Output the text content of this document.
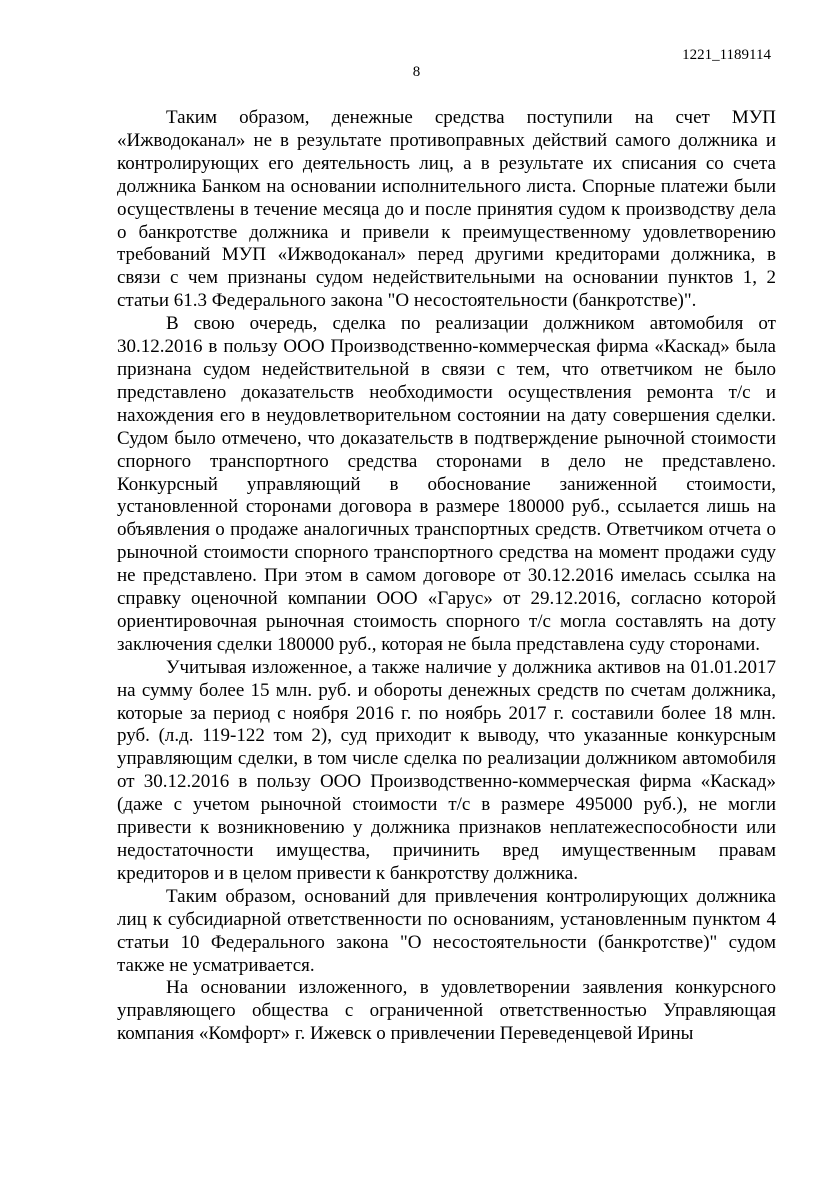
1221_1189114
8

Таким образом, денежные средства поступили на счет МУП «Ижводоканал» не в результате противоправных действий самого должника и контролирующих его деятельность лиц, а в результате их списания со счета должника Банком на основании исполнительного листа. Спорные платежи были осуществлены в течение месяца до и после принятия судом к производству дела о банкротстве должника и привели к преимущественному удовлетворению требований МУП «Ижводоканал» перед другими кредиторами должника, в связи с чем признаны судом недействительными на основании пунктов 1, 2 статьи 61.3 Федерального закона "О несостоятельности (банкротстве)".

В свою очередь, сделка по реализации должником автомобиля от 30.12.2016 в пользу ООО Производственно-коммерческая фирма «Каскад» была признана судом недействительной в связи с тем, что ответчиком не было представлено доказательств необходимости осуществления ремонта т/с и нахождения его в неудовлетворительном состоянии на дату совершения сделки. Судом было отмечено, что доказательств в подтверждение рыночной стоимости спорного транспортного средства сторонами в дело не представлено. Конкурсный управляющий в обоснование заниженной стоимости, установленной сторонами договора в размере 180000 руб., ссылается лишь на объявления о продаже аналогичных транспортных средств. Ответчиком отчета о рыночной стоимости спорного транспортного средства на момент продажи суду не представлено. При этом в самом договоре от 30.12.2016 имелась ссылка на справку оценочной компании ООО «Гарус» от 29.12.2016, согласно которой ориентировочная рыночная стоимость спорного т/с могла составлять на доту заключения сделки 180000 руб., которая не была представлена суду сторонами.

Учитывая изложенное, а также наличие у должника активов на 01.01.2017 на сумму более 15 млн. руб. и обороты денежных средств по счетам должника, которые за период с ноября 2016 г. по ноябрь 2017 г. составили более 18 млн. руб. (л.д. 119-122 том 2), суд приходит к выводу, что указанные конкурсным управляющим сделки, в том числе сделка по реализации должником автомобиля от 30.12.2016 в пользу ООО Производственно-коммерческая фирма «Каскад» (даже с учетом рыночной стоимости т/с в размере 495000 руб.), не могли привести к возникновению у должника признаков неплатежеспособности или недостаточности имущества, причинить вред имущественным правам кредиторов и в целом привести к банкротству должника.

Таким образом, оснований для привлечения контролирующих должника лиц к субсидиарной ответственности по основаниям, установленным пунктом 4 статьи 10 Федерального закона "О несостоятельности (банкротстве)" судом также не усматривается.

На основании изложенного, в удовлетворении заявления конкурсного управляющего общества с ограниченной ответственностью Управляющая компания «Комфорт» г. Ижевск о привлечении Переведенцевой Ирины
